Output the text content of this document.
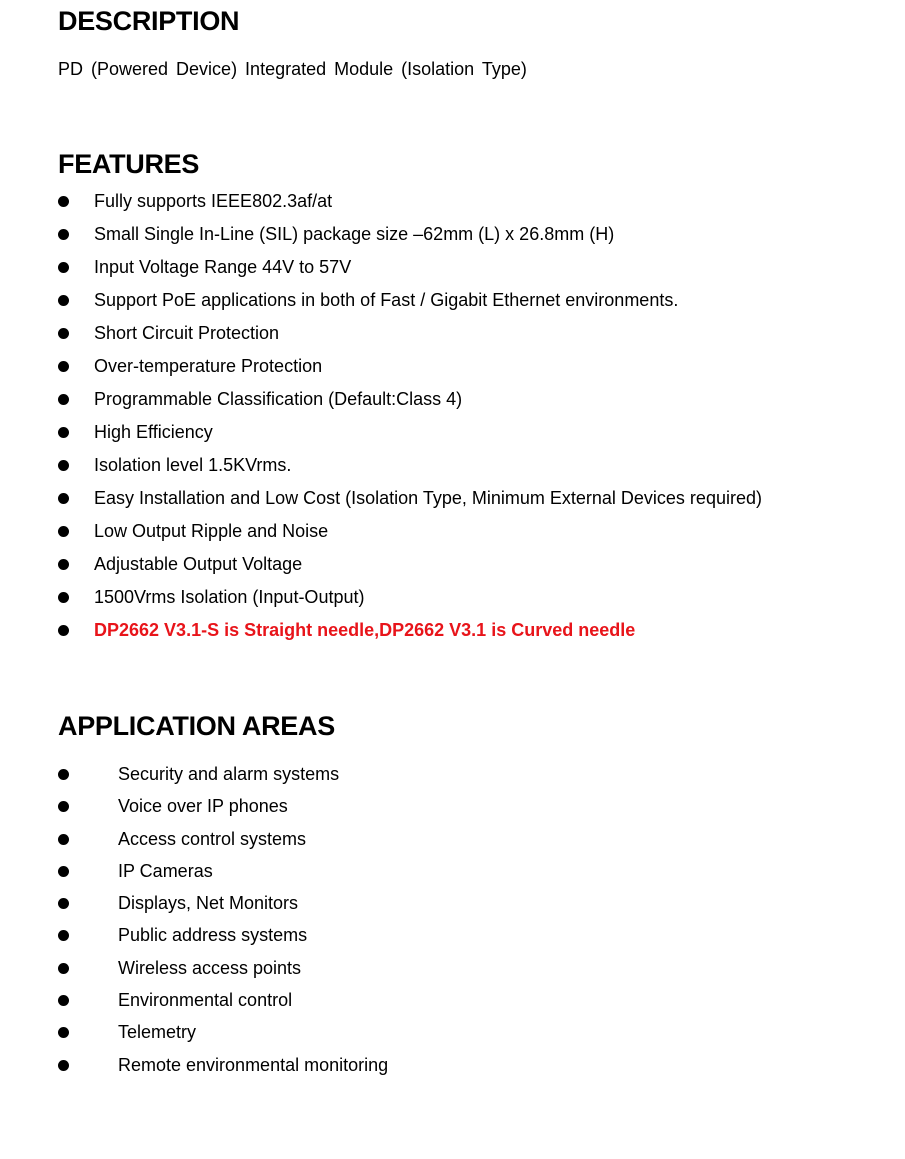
DESCRIPTION
PD (Powered Device) Integrated Module (Isolation Type)
FEATURES
Fully supports IEEE802.3af/at
Small Single In-Line (SIL) package size –62mm (L) x 26.8mm (H)
Input Voltage Range 44V to 57V
Support PoE applications in both of Fast / Gigabit Ethernet environments.
Short Circuit Protection
Over-temperature Protection
Programmable Classification (Default:Class 4)
High Efficiency
Isolation level 1.5KVrms.
Easy Installation and Low Cost (Isolation Type, Minimum External Devices required)
Low Output Ripple and Noise
Adjustable Output Voltage
1500Vrms Isolation (Input-Output)
DP2662 V3.1-S is Straight needle,DP2662 V3.1 is Curved needle
APPLICATION AREAS
Security and alarm systems
Voice over IP phones
Access control systems
IP Cameras
Displays, Net Monitors
Public address systems
Wireless access points
Environmental control
Telemetry
Remote environmental monitoring
